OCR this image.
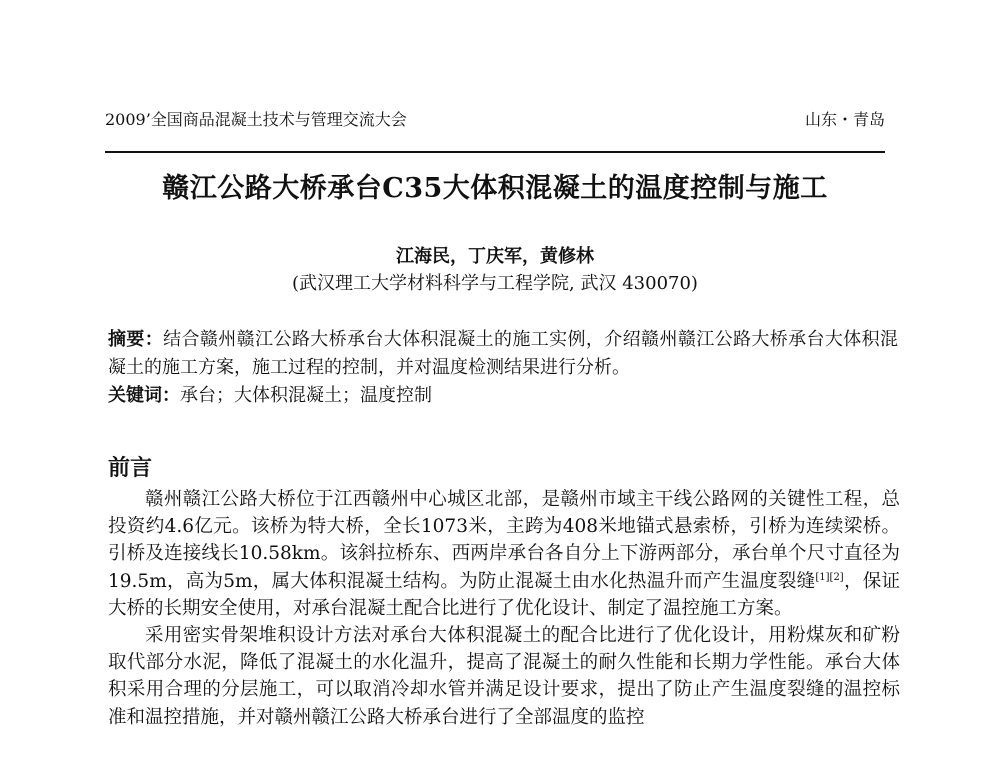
2009’全国商品混凝土技术与管理交流大会	山东・青岛
赣江公路大桥承台C35大体积混凝土的温度控制与施工
江海民，丁庆军，黄修林
(武汉理工大学材料科学与工程学院, 武汉 430070)

摘要：结合赣州赣江公路大桥承台大体积混凝土的施工实例，介绍赣州赣江公路大桥承台大体积混凝土的施工方案，施工过程的控制，并对温度检测结果进行分析。

关键词：承台；大体积混凝土；温度控制

前言

赣州赣江公路大桥位于江西赣州中心城区北部，是赣州市域主干线公路网的关键性工程，总投资约4.6亿元。该桥为特大桥，全长1073米，主跨为408米地锚式悬索桥，引桥为连续梁桥。引桥及连接线长10.58km。该斜拉桥东、西两岸承台各自分上下游两部分，承台单个尺寸直径为19.5m，高为5m，属大体积混凝土结构。为防止混凝土由水化热温升而产生温度裂缝[1][2]，保证大桥的长期安全使用，对承台混凝土配合比进行了优化设计、制定了温控施工方案。

采用密实骨架堆积设计方法对承台大体积混凝土的配合比进行了优化设计，用粉煤灰和矿粉取代部分水泥，降低了混凝土的水化温升，提高了混凝土的耐久性能和长期力学性能。承台大体积采用合理的分层施工，可以取消冷却水管并满足设计要求，提出了防止产生温度裂缝的温控标准和温控措施，并对赣州赣江公路大桥承台进行了全部温度的监控
